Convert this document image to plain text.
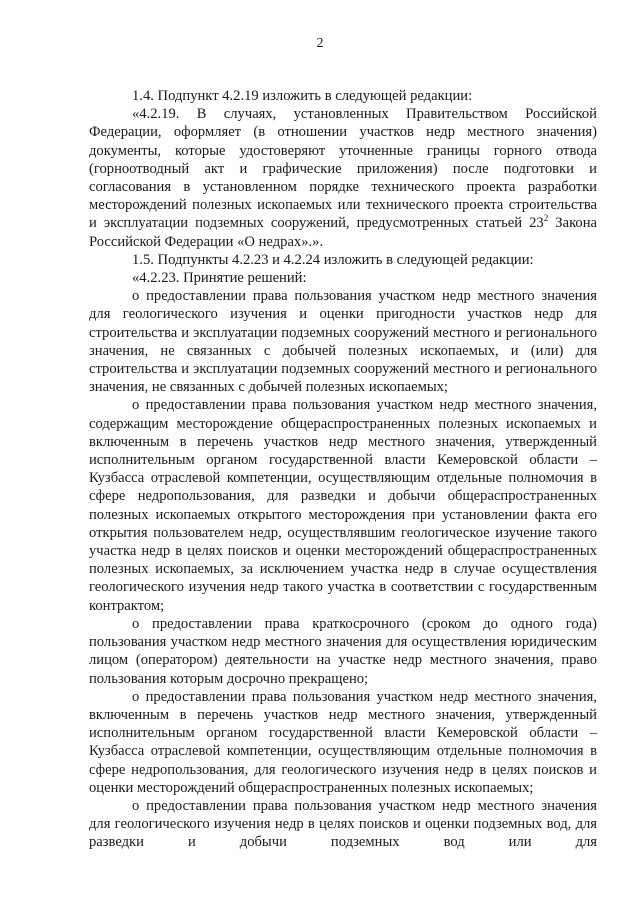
2

1.4. Подпункт 4.2.19 изложить в следующей редакции:

«4.2.19. В случаях, установленных Правительством Российской Федерации, оформляет (в отношении участков недр местного значения) документы, которые удостоверяют уточненные границы горного отвода (горноотводный акт и графические приложения) после подготовки и согласования в установленном порядке технического проекта разработки месторождений полезных ископаемых или технического проекта строительства и эксплуатации подземных сооружений, предусмотренных статьей $23^2$ Закона Российской Федерации «О недрах».».

1.5. Подпункты 4.2.23 и 4.2.24 изложить в следующей редакции:

«4.2.23. Принятие решений:

о предоставлении права пользования участком недр местного значения для геологического изучения и оценки пригодности участков недр для строительства и эксплуатации подземных сооружений местного и регионального значения, не связанных с добычей полезных ископаемых, и (или) для строительства и эксплуатации подземных сооружений местного и регионального значения, не связанных с добычей полезных ископаемых;

о предоставлении права пользования участком недр местного значения, содержащим месторождение общераспространенных полезных ископаемых и включенным в перечень участков недр местного значения, утвержденный исполнительным органом государственной власти Кемеровской области – Кузбасса отраслевой компетенции, осуществляющим отдельные полномочия в сфере недропользования, для разведки и добычи общераспространенных полезных ископаемых открытого месторождения при установлении факта его открытия пользователем недр, осуществлявшим геологическое изучение такого участка недр в целях поисков и оценки месторождений общераспространенных полезных ископаемых, за исключением участка недр в случае осуществления геологического изучения недр такого участка в соответствии с государственным контрактом;

о предоставлении права краткосрочного (сроком до одного года) пользования участком недр местного значения для осуществления юридическим лицом (оператором) деятельности на участке недр местного значения, право пользования которым досрочно прекращено;

о предоставлении права пользования участком недр местного значения, включенным в перечень участков недр местного значения, утвержденный исполнительным органом государственной власти Кемеровской области – Кузбасса отраслевой компетенции, осуществляющим отдельные полномочия в сфере недропользования, для геологического изучения недр в целях поисков и оценки месторождений общераспространенных полезных ископаемых;

о предоставлении права пользования участком недр местного значения для геологического изучения недр в целях поисков и оценки подземных вод, для разведки и добычи подземных вод или для
